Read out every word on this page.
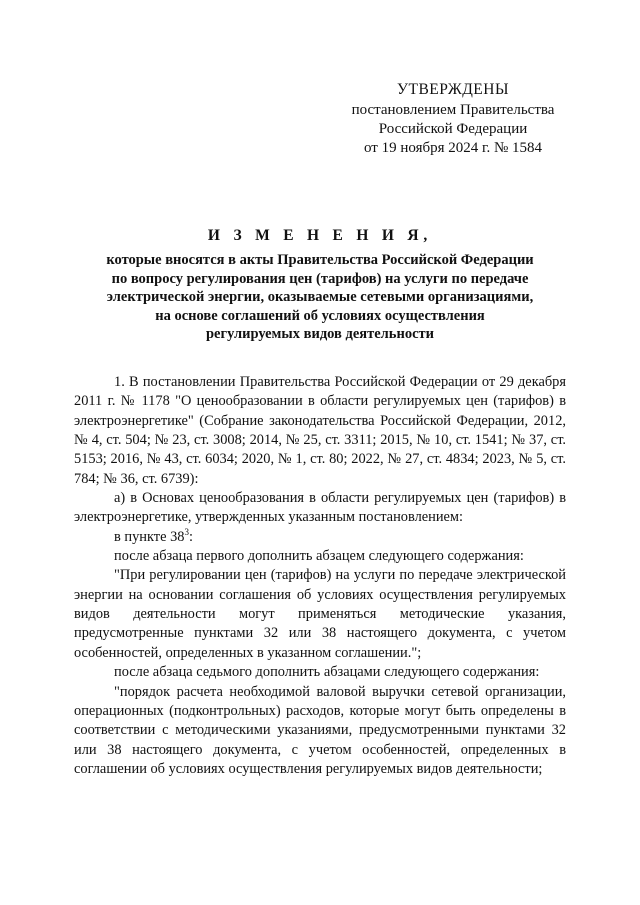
УТВЕРЖДЕНЫ
постановлением Правительства
Российской Федерации
от 19 ноября 2024 г. № 1584
И З М Е Н Е Н И Я,
которые вносятся в акты Правительства Российской Федерации
по вопросу регулирования цен (тарифов) на услуги по передаче
электрической энергии, оказываемые сетевыми организациями,
на основе соглашений об условиях осуществления
регулируемых видов деятельности

1. В постановлении Правительства Российской Федерации от 29 декабря 2011 г. № 1178 "О ценообразовании в области регулируемых цен (тарифов) в электроэнергетике" (Собрание законодательства Российской Федерации, 2012, № 4, ст. 504; № 23, ст. 3008; 2014, № 25, ст. 3311; 2015, № 10, ст. 1541; № 37, ст. 5153; 2016, № 43, ст. 6034; 2020, № 1, ст. 80; 2022, № 27, ст. 4834; 2023, № 5, ст. 784; № 36, ст. 6739):

а) в Основах ценообразования в области регулируемых цен (тарифов) в электроэнергетике, утвержденных указанным постановлением:

в пункте $38^3$:

после абзаца первого дополнить абзацем следующего содержания:

"При регулировании цен (тарифов) на услуги по передаче электрической энергии на основании соглашения об условиях осуществления регулируемых видов деятельности могут применяться методические указания, предусмотренные пунктами 32 или 38 настоящего документа, с учетом особенностей, определенных в указанном соглашении.";

после абзаца седьмого дополнить абзацами следующего содержания:

"порядок расчета необходимой валовой выручки сетевой организации, операционных (подконтрольных) расходов, которые могут быть определены в соответствии с методическими указаниями, предусмотренными пунктами 32 или 38 настоящего документа, с учетом особенностей, определенных в соглашении об условиях осуществления регулируемых видов деятельности;
